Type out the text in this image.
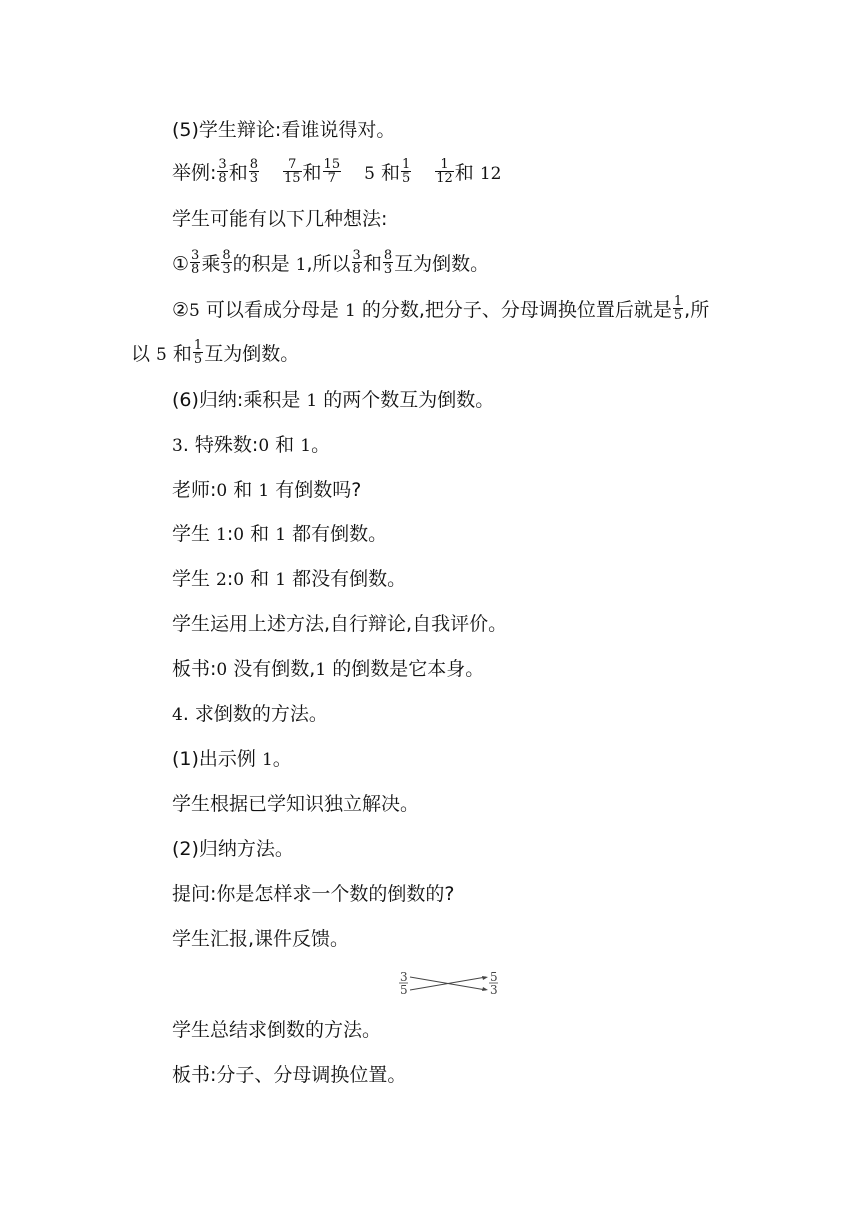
(5)学生辩论:看谁说得对。
举例: $\frac{3}{8}$ 和 $\frac{8}{3} \frac{7}{15}$ 和 $\frac{15}{7} 5$ 和 $\frac{1}{5} \frac{1}{12}$ 和 12
学生可能有以下几种想法:
① $\frac{3}{8}$ 乘 $\frac{8}{3}$ 的积是 1,所以 $\frac{3}{8}$ 和 $\frac{8}{3}$ 互为倒数。
②5 可以看成分母是 1 的分数,把分子、分母调换位置后就是 $\frac{1}{5}$ ,所
以 5 和 $\frac{1}{5}$ 互为倒数。
(6)归纳:乘积是 1 的两个数互为倒数。
3. 特殊数:0 和 1。
老师:0 和 1 有倒数吗?
学生 1:0 和 1 都有倒数。
学生 2:0 和 1 都没有倒数。
学生运用上述方法,自行辩论,自我评价。
板书:0 没有倒数,1 的倒数是它本身。
4. 求倒数的方法。
(1)出示例 1。
学生根据已学知识独立解决。
(2)归纳方法。
提问:你是怎样求一个数的倒数的?
学生汇报,课件反馈。
3
5
5
3
学生总结求倒数的方法。
板书:分子、分母调换位置。
